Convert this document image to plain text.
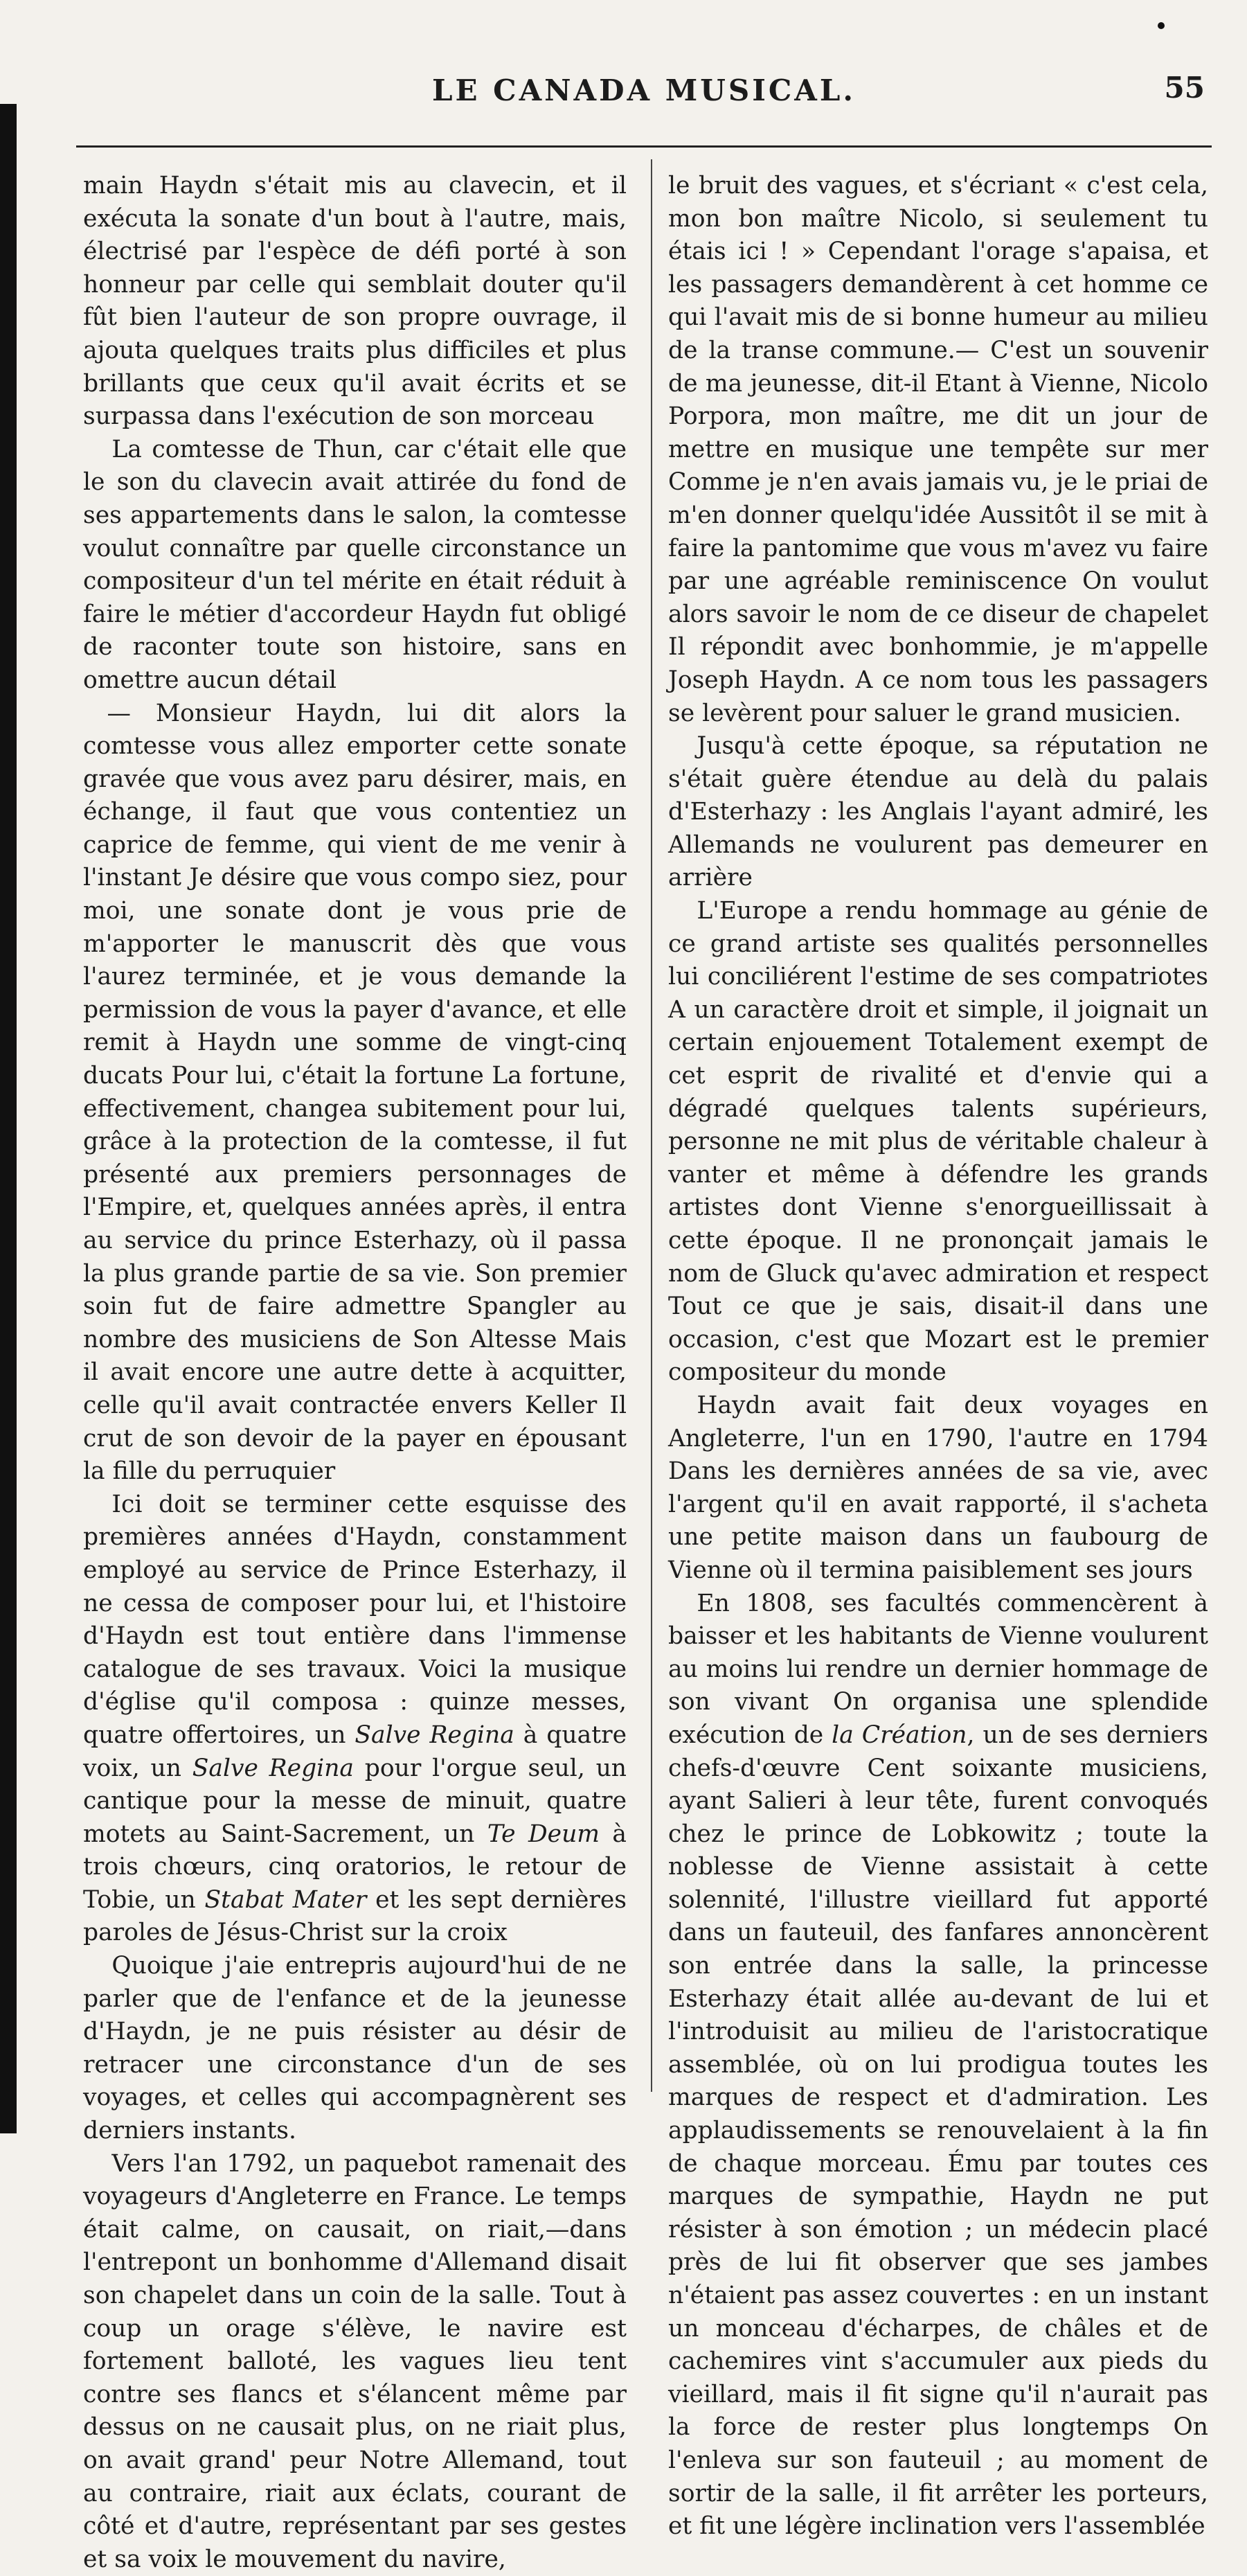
LE CANADA MUSICAL.	55

main Haydn s'était mis au clavecin, et il exécuta la sonate d'un bout à l'autre, mais, électrisé par l'espèce de défi porté à son honneur par celle qui semblait douter qu'il fût bien l'auteur de son propre ouvrage, il ajouta quelques traits plus difficiles et plus brillants que ceux qu'il avait écrits et se surpassa dans l'exécution de son morceau

La comtesse de Thun, car c'était elle que le son du clavecin avait attirée du fond de ses appartements dans le salon, la comtesse voulut connaître par quelle circonstance un compositeur d'un tel mérite en était réduit à faire le métier d'accordeur Haydn fut obligé de raconter toute son histoire, sans en omettre aucun détail

— Monsieur Haydn, lui dit alors la comtesse vous allez emporter cette sonate gravée que vous avez paru désirer, mais, en échange, il faut que vous contentiez un caprice de femme, qui vient de me venir à l'instant Je désire que vous compo siez, pour moi, une sonate dont je vous prie de m'apporter le manuscrit dès que vous l'aurez terminée, et je vous demande la permission de vous la payer d'avance, et elle remit à Haydn une somme de vingt-cinq ducats Pour lui, c'était la fortune La fortune, effectivement, changea subitement pour lui, grâce à la protection de la comtesse, il fut présenté aux premiers personnages de l'Empire, et, quelques années après, il entra au service du prince Esterhazy, où il passa la plus grande partie de sa vie. Son premier soin fut de faire admettre Spangler au nombre des musiciens de Son Altesse Mais il avait encore une autre dette à acquitter, celle qu'il avait contractée envers Keller Il crut de son devoir de la payer en épousant la fille du perruquier

Ici doit se terminer cette esquisse des premières années d'Haydn, constamment employé au service de Prince Esterhazy, il ne cessa de composer pour lui, et l'histoire d'Haydn est tout entière dans l'immense catalogue de ses travaux. Voici la musique d'église qu'il composa : quinze messes, quatre offertoires, un Salve Regina à quatre voix, un Salve Regina pour l'orgue seul, un cantique pour la messe de minuit, quatre motets au Saint-Sacrement, un Te Deum à trois chœurs, cinq oratorios, le retour de Tobie, un Stabat Mater et les sept dernières paroles de Jésus-Christ sur la croix

Quoique j'aie entrepris aujourd'hui de ne parler que de l'enfance et de la jeunesse d'Haydn, je ne puis résister au désir de retracer une circonstance d'un de ses voyages, et celles qui accompagnèrent ses derniers instants.

Vers l'an 1792, un paquebot ramenait des voyageurs d'Angleterre en France. Le temps était calme, on causait, on riait,—dans l'entrepont un bonhomme d'Allemand disait son chapelet dans un coin de la salle. Tout à coup un orage s'élève, le navire est fortement balloté, les vagues lieu tent contre ses flancs et s'élancent même par dessus on ne causait plus, on ne riait plus, on avait grand' peur Notre Allemand, tout au contraire, riait aux éclats, courant de côté et d'autre, représentant par ses gestes et sa voix le mouvement du navire,

le bruit des vagues, et s'écriant « c'est cela, mon bon maître Nicolo, si seulement tu étais ici ! » Cependant l'orage s'apaisa, et les passagers demandèrent à cet homme ce qui l'avait mis de si bonne humeur au milieu de la transe commune.— C'est un souvenir de ma jeunesse, dit-il Etant à Vienne, Nicolo Porpora, mon maître, me dit un jour de mettre en musique une tempête sur mer Comme je n'en avais jamais vu, je le priai de m'en donner quelqu'idée Aussitôt il se mit à faire la pantomime que vous m'avez vu faire par une agréable reminiscence On voulut alors savoir le nom de ce diseur de chapelet Il répondit avec bonhommie, je m'appelle Joseph Haydn. A ce nom tous les passagers se levèrent pour saluer le grand musicien.

Jusqu'à cette époque, sa réputation ne s'était guère étendue au delà du palais d'Esterhazy : les Anglais l'ayant admiré, les Allemands ne voulurent pas demeurer en arrière

L'Europe a rendu hommage au génie de ce grand artiste ses qualités personnelles lui conciliérent l'estime de ses compatriotes A un caractère droit et simple, il joignait un certain enjouement Totalement exempt de cet esprit de rivalité et d'envie qui a dégradé quelques talents supérieurs, personne ne mit plus de véritable chaleur à vanter et même à défendre les grands artistes dont Vienne s'enorgueillissait à cette époque. Il ne prononçait jamais le nom de Gluck qu'avec admiration et respect Tout ce que je sais, disait-il dans une occasion, c'est que Mozart est le premier compositeur du monde

Haydn avait fait deux voyages en Angleterre, l'un en 1790, l'autre en 1794 Dans les dernières années de sa vie, avec l'argent qu'il en avait rapporté, il s'acheta une petite maison dans un faubourg de Vienne où il termina paisiblement ses jours

En 1808, ses facultés commencèrent à baisser et les habitants de Vienne voulurent au moins lui rendre un dernier hommage de son vivant On organisa une splendide exécution de la Création, un de ses derniers chefs-d'œuvre Cent soixante musiciens, ayant Salieri à leur tête, furent convoqués chez le prince de Lobkowitz ; toute la noblesse de Vienne assistait à cette solennité, l'illustre vieillard fut apporté dans un fauteuil, des fanfares annoncèrent son entrée dans la salle, la princesse Esterhazy était allée au-devant de lui et l'introduisit au milieu de l'aristocratique assemblée, où on lui prodigua toutes les marques de respect et d'admiration. Les applaudissements se renouvelaient à la fin de chaque morceau. Ému par toutes ces marques de sympathie, Haydn ne put résister à son émotion ; un médecin placé près de lui fit observer que ses jambes n'étaient pas assez couvertes : en un instant un monceau d'écharpes, de châles et de cachemires vint s'accumuler aux pieds du vieillard, mais il fit signe qu'il n'aurait pas la force de rester plus longtemps On l'enleva sur son fauteuil ; au moment de sortir de la salle, il fit arrêter les porteurs, et fit une légère inclination vers l'assemblée
